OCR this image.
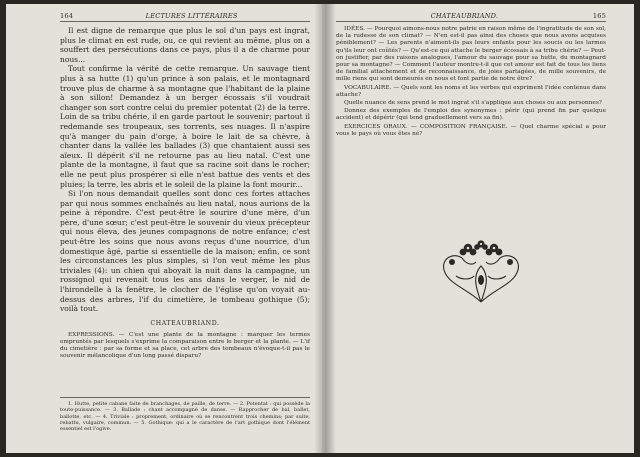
164	LECTURES LITTÉRAIRES

Il est digne de remarque que plus le sol d'un pays est ingrat, plus le climat en est rude, ou, ce qui revient au même, plus on a souffert des persécutions dans ce pays, plus il a de charme pour nous...

Tout confirme la vérité de cette remarque. Un sauvage tient plus à sa hutte (1) qu'un prince à son palais, et le montagnard trouve plus de charme à sa montagne que l'habitant de la plaine à son sillon! Demandez à un berger écossais s'il voudrait changer son sort contre celui du premier potentat (2) de la terre. Loin de sa tribu chérie, il en garde partout le souvenir; partout il redemande ses troupeaux, ses torrents, ses nuages. Il n'aspire qu'à manger du pain d'orge, à boire le lait de sa chèvre, à chanter dans la vallée les ballades (3) que chantaient aussi ses aïeux. Il dépérit s'il ne retourne pas au lieu natal. C'est une plante de la montagne, il faut que sa racine soit dans le rocher; elle ne peut plus prospérer si elle n'est battue des vents et des pluies; la terre, les abris et le soleil de la plaine la font mourir...

Si l'on nous demandait quelles sont donc ces fortes attaches par qui nous sommes enchaînés au lieu natal, nous aurions de la peine à répondre. C'est peut-être le sourire d'une mère, d'un père, d'une sœur; c'est peut-être le souvenir du vieux précepteur qui nous éleva, des jeunes compagnons de notre enfance; c'est peut-être les soins que nous avons reçus d'une nourrice, d'un domestique âgé, partie si essentielle de la maison; enfin, ce sont les circonstances les plus simples, si l'on veut même les plus triviales (4): un chien qui aboyait la nuit dans la campagne, un rossignol qui revenait tous les ans dans le verger, le nid de l'hirondelle à la fenêtre, le clocher de l'église qu'on voyait au-dessus des arbres, l'if du cimetière, le tombeau gothique (5); voilà tout.

CHATEAUBRIAND.

EXPRESSIONS. — C'est une plante de la montagne : marquer les termes empruntés par lesquels s'exprime la comparaison entre le berger et la plante. — L'if du cimetière : par sa forme et sa place, cet arbre des tombeaux n'évoque-t-il pas le souvenir mélancolique d'un long passé disparu?

1. Hutte, petite cabane faite de branchages, de paille, de terre. — 2. Potentat : qui possède la toute-puissance. — 3. Ballade : chant accompagné de danse. — Rapprocher de bal, ballet, ballotte, etc. — 4. Triviale : proprement, ordinaire où se rencontrent trois chemins; par suite, rebattu, vulgaire, commun. — 5. Gothique: qui a le caractère de l'art gothique dont l'élément essentiel est l'ogive.

CHATEAUBRIAND.	165

IDÉES. — Pourquoi aimons-nous notre patrie en raison même de l'ingratitude de son sol, de la rudesse de son climat? — N'en est-il pas ainsi des choses que nous avons acquises péniblement? — Les parents n'aiment-ils pas leurs enfants pour les soucis ou les larmes qu'ils leur ont coûtés? — Qu'est-ce qui attache le berger écossais à sa tribu chérie? — Peut-on justifier, par des raisons analogues, l'amour du sauvage pour sa hutte, du montagnard pour sa montagne? — Comment l'auteur montre-t-il que cet amour est fait de tous les liens de familial attachement et de reconnaissance, de joies partagées, de mille souvenirs, de mille riens qui sont demeurés en nous et font partie de notre être?

VOCABULAIRE. — Quels sont les noms et les verbes qui expriment l'idée contenue dans attache?

Quelle nuance de sens prend le mot ingrat s'il s'applique aux choses ou aux personnes?

Donnez des exemples de l'emploi des synonymes : périr (qui prend fin par quelque accident) et dépérir (qui tend graduellement vers sa fin).

EXERCICES ORAUX. — COMPOSITION FRANÇAISE. — Quel charme spécial a pour vous le pays où vous êtes né?
